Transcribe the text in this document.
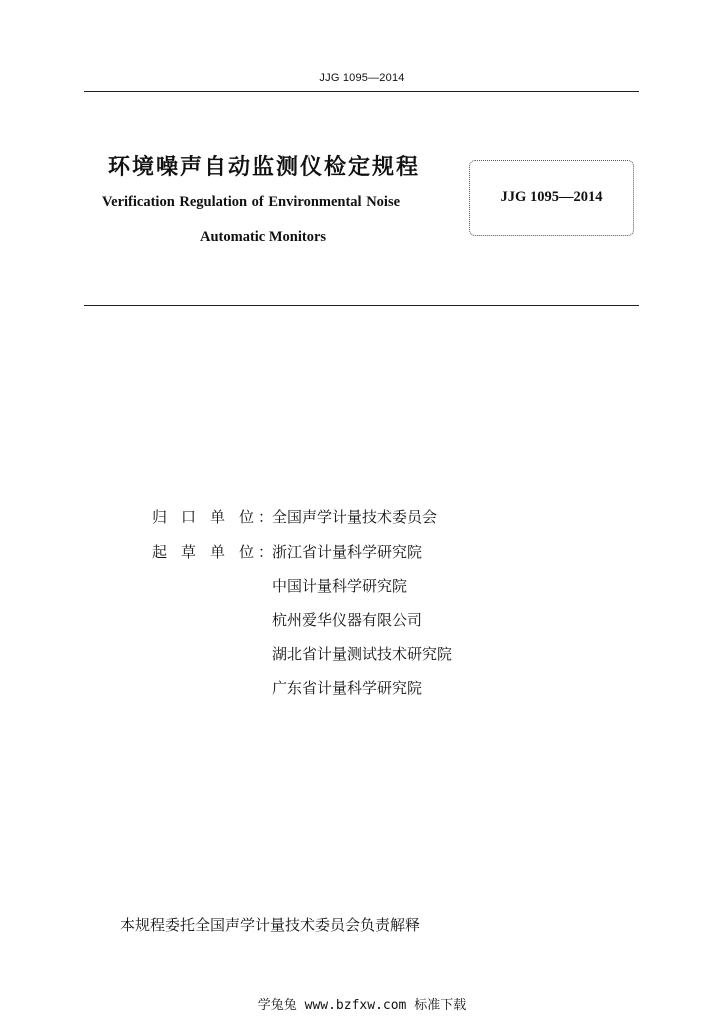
JJG 1095—2014
环境噪声自动监测仪检定规程
Verification Regulation of Environmental Noise
Automatic Monitors
JJG 1095—2014
归 口 单 位 ：
全国声学计量技术委员会
起 草 单 位 ：
浙江省计量科学研究院
中国计量科学研究院
杭州爱华仪器有限公司
湖北省计量测试技术研究院
广东省计量科学研究院
本规程委托全国声学计量技术委员会负责解释
学兔兔 www.bzfxw.com 标准下载
